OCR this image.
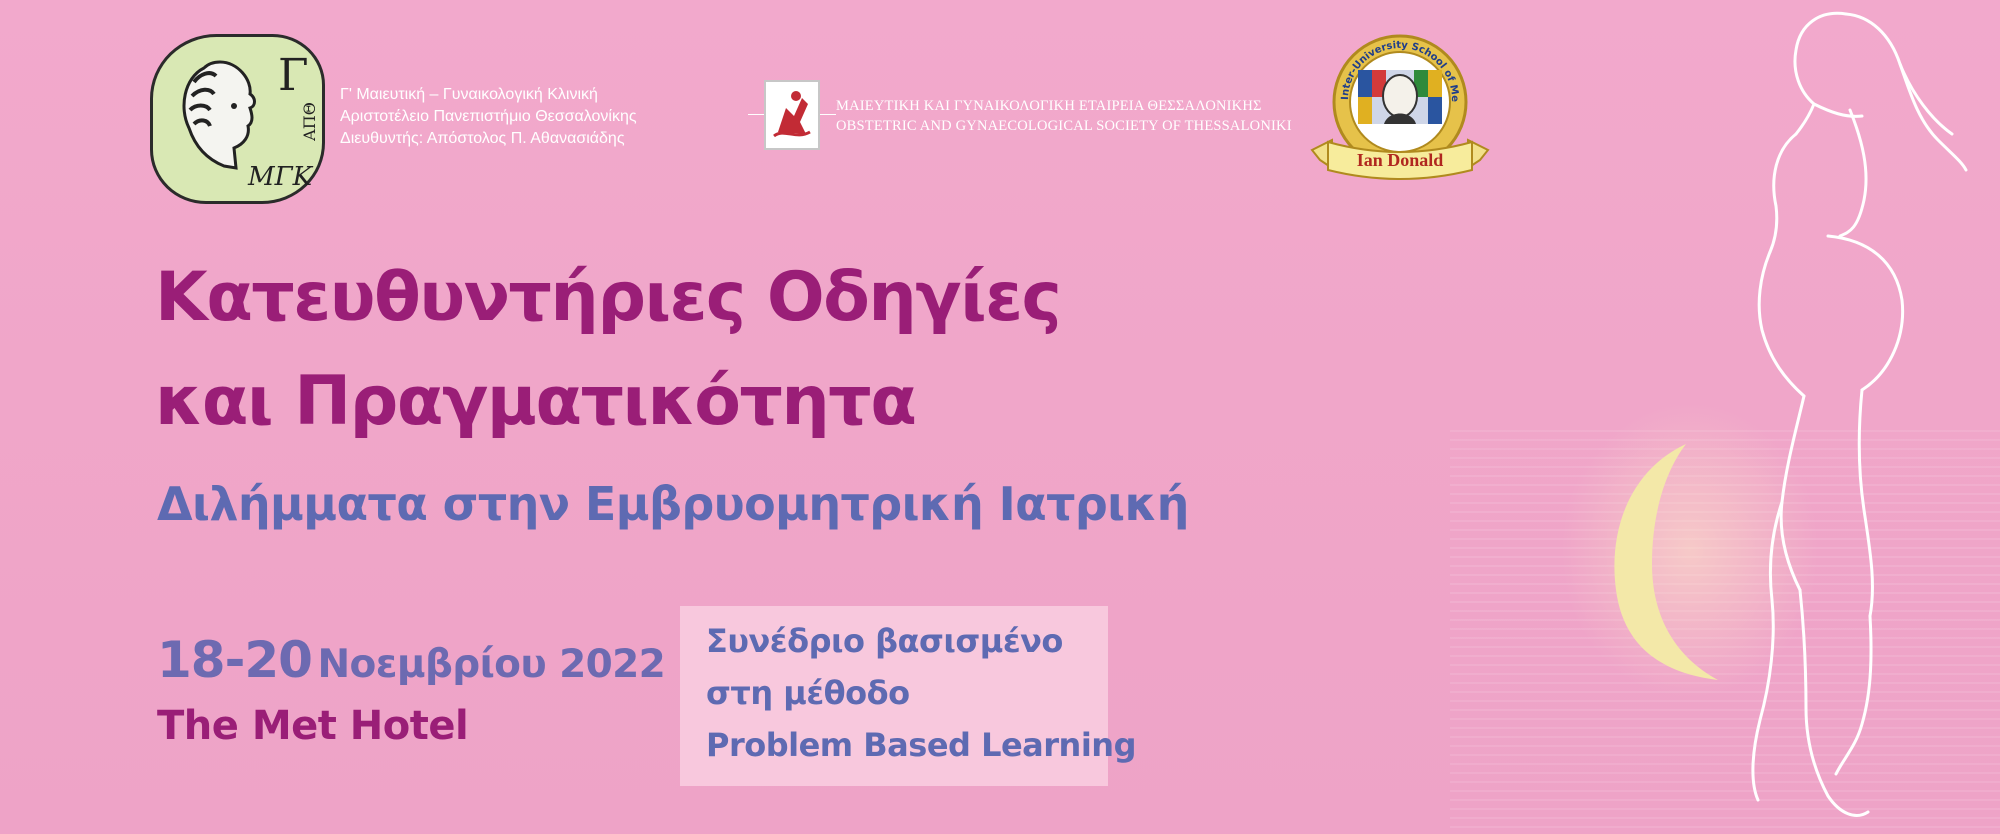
Γ
ΑΠΘ
ΜΓΚ
Γ' Μαιευτική – Γυναικολογική Κλινική
Αριστοτέλειο Πανεπιστήμιο Θεσσαλονίκης
Διευθυντής: Απόστολος Π. Αθανασιάδης
ΜΑΙΕΥΤΙΚΗ ΚΑΙ ΓΥΝΑΙΚΟΛΟΓΙΚΗ ΕΤΑΙΡΕΙΑ ΘΕΣΣΑΛΟΝΙΚΗΣ
OBSTETRIC AND GYNAECOLOGICAL SOCIETY OF THESSALONIKI
Inter-University School of Me
Ian Donald
Κατευθυντήριες Οδηγίες
και Πραγματικότητα
Διλήμματα στην Εμβρυομητρική Ιατρική
18-20 Νοεμβρίου 2022
The Met Hotel
Συνέδριο βασισμένο
στη μέθοδο
Problem Based Learning
